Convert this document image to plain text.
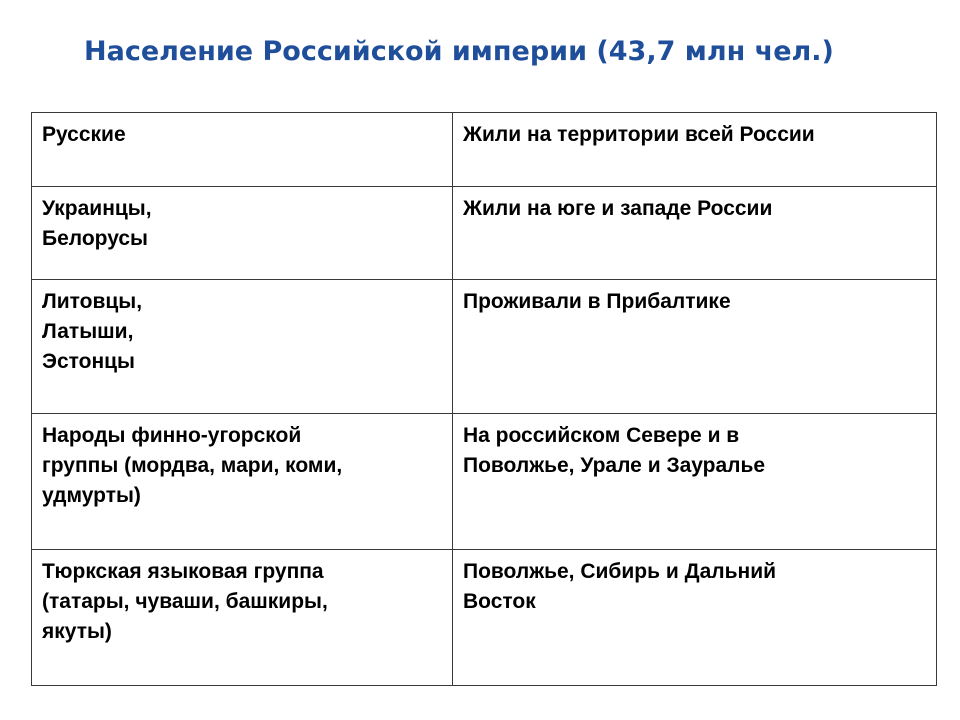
Население Российской империи (43,7 млн чел.)
Русские	Жили на территории всей России

Украинцы,
Белорусы	Жили на юге и западе России

Литовцы,
Латыши,
Эстонцы	Проживали в Прибалтике

Народы финно-угорской
группы (мордва, мари, коми,
удмурты)	На российском Севере и в
Поволжье, Урале и Зауралье

Тюркская языковая группа
(татары, чуваши, башкиры,
якуты)	Поволжье, Сибирь и Дальний
Восток
